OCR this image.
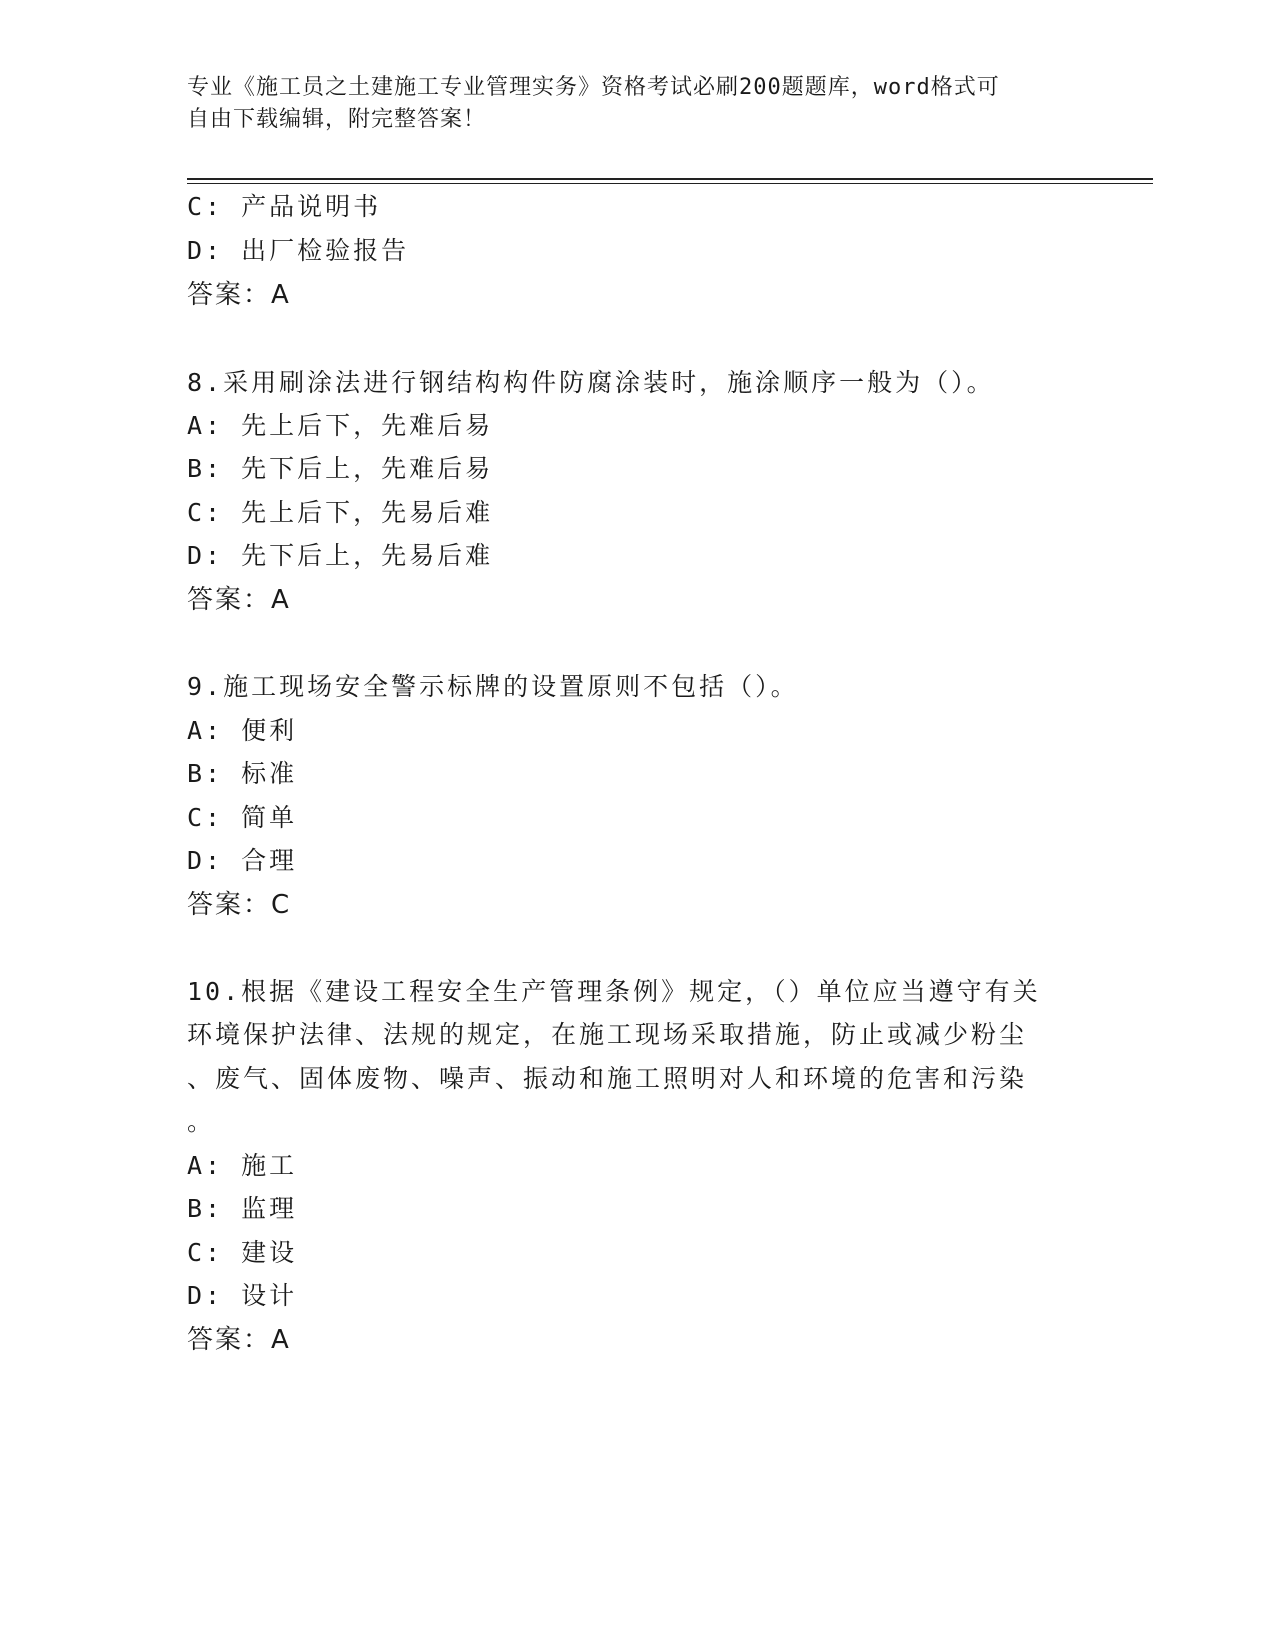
专业《施工员之土建施工专业管理实务》资格考试必刷200题题库，word格式可
自由下载编辑，附完整答案！
C: 产品说明书
D: 出厂检验报告
答案：A
8.采用刷涂法进行钢结构构件防腐涂装时，施涂顺序一般为（）。
A: 先上后下，先难后易
B: 先下后上，先难后易
C: 先上后下，先易后难
D: 先下后上，先易后难
答案：A
9.施工现场安全警示标牌的设置原则不包括（）。
A: 便利
B: 标准
C: 简单
D: 合理
答案：C
10.根据《建设工程安全生产管理条例》规定，（）单位应当遵守有关
环境保护法律、法规的规定，在施工现场采取措施，防止或减少粉尘
、废气、固体废物、噪声、振动和施工照明对人和环境的危害和污染
。
A: 施工
B: 监理
C: 建设
D: 设计
答案：A
